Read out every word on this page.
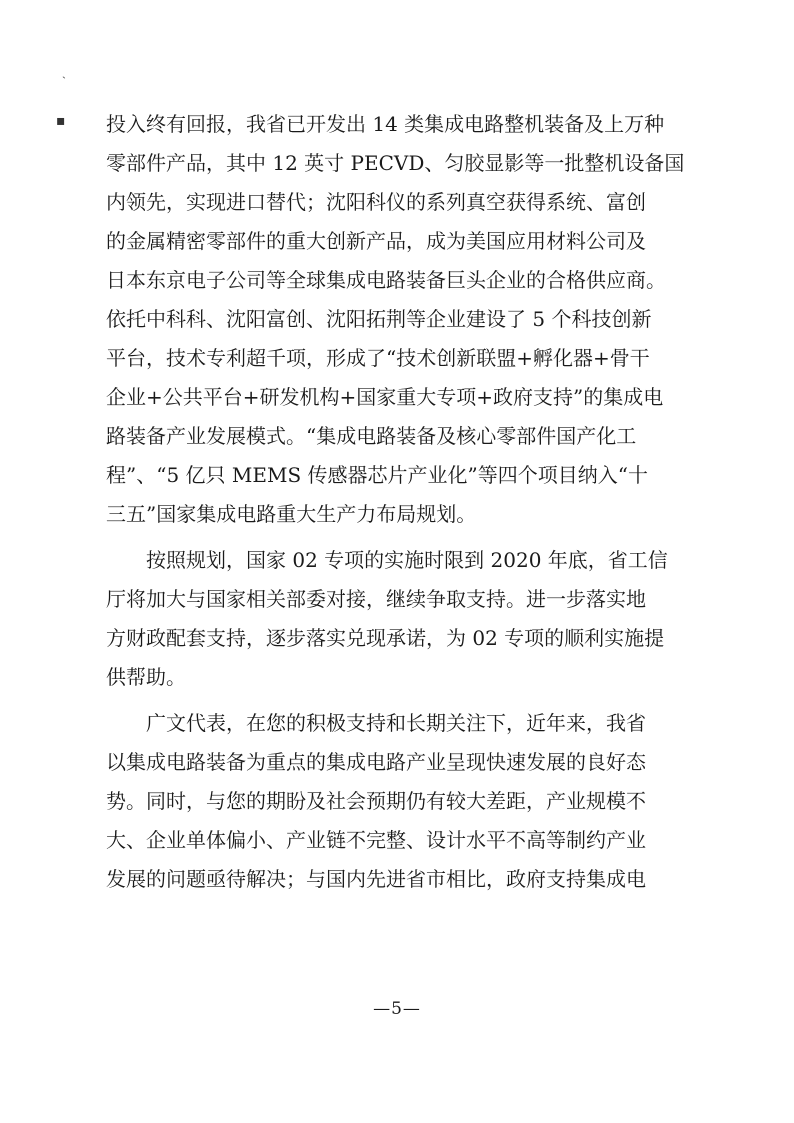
ˏ
▪ 投入终有回报，我省已开发出 14 类集成电路整机装备及上万种
零部件产品，其中 12 英寸 PECVD、匀胶显影等一批整机设备国
内领先，实现进口替代；沈阳科仪的系列真空获得系统、富创
的金属精密零部件的重大创新产品，成为美国应用材料公司及
日本东京电子公司等全球集成电路装备巨头企业的合格供应商。
依托中科科、沈阳富创、沈阳拓荆等企业建设了 5 个科技创新
平台，技术专利超千项，形成了“技术创新联盟+孵化器+骨干
企业+公共平台+研发机构+国家重大专项+政府支持”的集成电
路装备产业发展模式。“集成电路装备及核心零部件国产化工
程”、“5 亿只 MEMS 传感器芯片产业化”等四个项目纳入“十
三五”国家集成电路重大生产力布局规划。

按照规划，国家 02 专项的实施时限到 2020 年底，省工信
厅将加大与国家相关部委对接，继续争取支持。进一步落实地
方财政配套支持，逐步落实兑现承诺，为 02 专项的顺利实施提
供帮助。

广文代表，在您的积极支持和长期关注下，近年来，我省
以集成电路装备为重点的集成电路产业呈现快速发展的良好态
势。同时，与您的期盼及社会预期仍有较大差距，产业规模不
大、企业单体偏小、产业链不完整、设计水平不高等制约产业
发展的问题亟待解决；与国内先进省市相比，政府支持集成电

—5—
